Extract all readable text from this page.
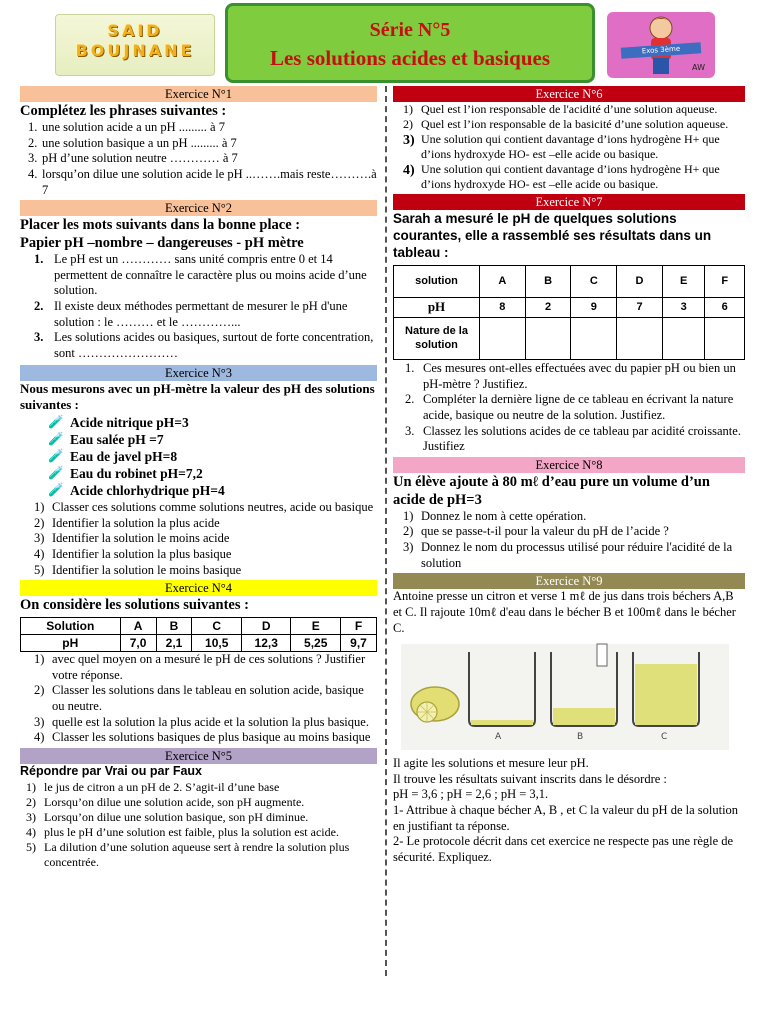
SAID
BOUJNANE
Série N°5
Les solutions acides et basiques	Exos 3ème
AW
Exercice N°1
Complétez les phrases suivantes :
1. une solution acide a un pH ......... à 7
2. une solution basique a un pH ......... à 7
3. pH d’une solution neutre ………… à 7
4. lorsqu’on dilue une solution acide le pH ..…….mais reste……….à 7
Exercice N°2
Placer les mots suivants dans la bonne place :
Papier pH –nombre – dangereuses - pH mètre
1. Le pH est un ………… sans unité compris entre 0 et 14 permettent de connaître le caractère plus ou moins acide d’une solution.
2. Il existe deux méthodes permettant de mesurer le pH d'une solution : le ……… et le …………...
3. Les solutions acides ou basiques, surtout de forte concentration, sont ……………………
Exercice N°3
Nous mesurons avec un pH-mètre la valeur des pH des solutions suivantes :
🧪 Acide nitrique pH=3
🧪 Eau salée pH =7
🧪 Eau de javel pH=8
🧪 Eau du robinet pH=7,2
🧪 Acide chlorhydrique pH=4
1) Classer ces solutions comme solutions neutres, acide ou basique
2) Identifier la solution la plus acide
3) Identifier la solution le moins acide
4) Identifier la solution la plus basique
5) Identifier la solution le moins basique
Exercice N°4
On considère les solutions suivantes :
Solution	A	B	C	D	E	F
pH	7,0	2,1	10,5	12,3	5,25	9,7
1) avec quel moyen on a mesuré le pH de ces solutions ? Justifier votre réponse.
2) Classer les solutions dans le tableau en solution acide, basique ou neutre.
3) quelle est la solution la plus acide et la solution la plus basique.
4) Classer les solutions basiques de plus basique au moins basique
Exercice N°5
Répondre par Vrai ou par Faux
1) le jus de citron a un pH de 2. S’agit-il d’une base
2) Lorsqu’on dilue une solution acide, son pH augmente.
3) Lorsqu’on dilue une solution basique, son pH diminue.
4) plus le pH d’une solution est faible, plus la solution est acide.
5) La dilution d’une solution aqueuse sert à rendre la solution plus concentrée.
Exercice N°6
1) Quel est l’ion responsable de l'acidité d’une solution aqueuse.
2) Quel est l’ion responsable de la basicité d’une solution aqueuse.
3) Une solution qui contient davantage d’ions hydrogène H+ que d’ions hydroxyde HO- est –elle acide ou basique.
4) Une solution qui contient davantage d’ions hydrogène H+ que d’ions hydroxyde HO- est –elle acide ou basique.
Exercice N°7
Sarah a mesuré le pH de quelques solutions courantes, elle a rassemblé ses résultats dans un tableau :
solution	A	B	C	D	E	F
pH	8	2	9	7	3	6
Nature de la solution						
1. Ces mesures ont-elles effectuées avec du papier pH ou bien un pH-mètre ? Justifiez.
2. Compléter la dernière ligne de ce tableau en écrivant la nature acide, basique ou neutre de la solution. Justifiez.
3. Classez les solutions acides de ce tableau par acidité croissante. Justifiez
Exercice N°8
Un élève ajoute à 80 mℓ d’eau pure un volume d’un acide de pH=3
1) Donnez le nom à cette opération.
2) que se passe-t-il pour la valeur du pH de l’acide ?
3) Donnez le nom du processus utilisé pour réduire l'acidité de la solution
Exercice N°9
Antoine presse un citron et verse 1 mℓ de jus dans trois béchers A,B et C. Il rajoute 10mℓ d'eau dans le bécher B et 100mℓ dans le bécher C.
A	B	C
Il agite les solutions et mesure leur pH.
Il trouve les résultats suivant inscrits dans le désordre :
pH = 3,6 ; pH = 2,6 ; pH = 3,1.
1- Attribue à chaque bécher A, B , et C la valeur du pH de la solution en justifiant ta réponse.
2- Le protocole décrit dans cet exercice ne respecte pas une règle de sécurité. Expliquez.
